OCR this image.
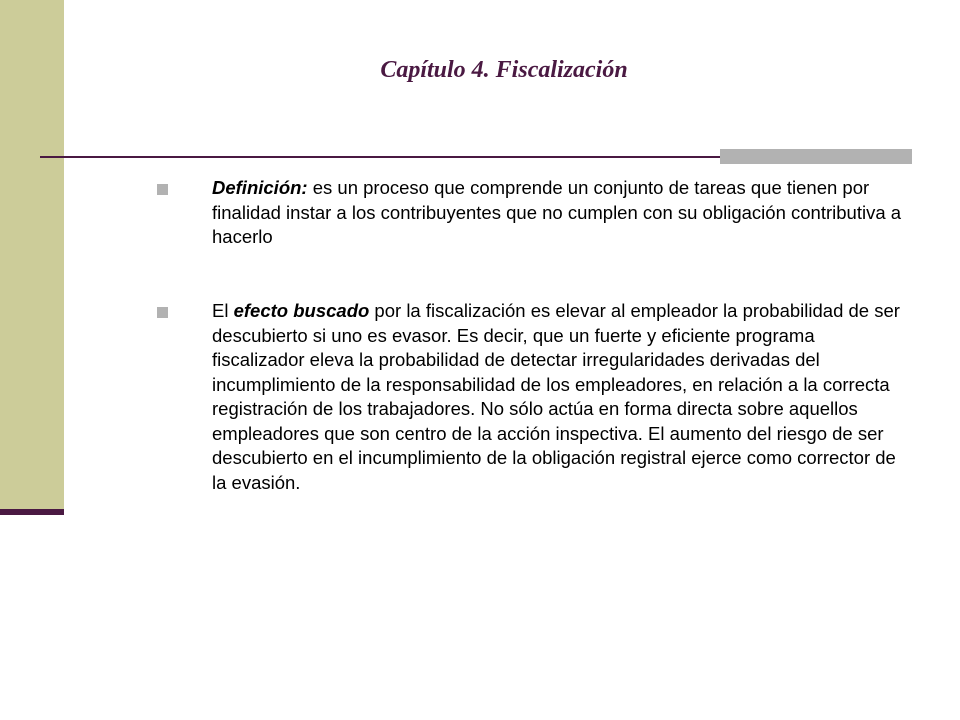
Capítulo 4. Fiscalización

Definición: es un proceso que comprende un conjunto de tareas que tienen por finalidad instar a los contribuyentes que no cumplen con su obligación contributiva a hacerlo

El efecto buscado por la fiscalización es elevar al empleador la probabilidad de ser descubierto si uno es evasor. Es decir, que un fuerte y eficiente programa fiscalizador eleva la probabilidad de detectar irregularidades derivadas del incumplimiento de la responsabilidad de los empleadores, en relación a la correcta registración de los trabajadores. No sólo actúa en forma directa sobre aquellos empleadores que son centro de la acción inspectiva. El aumento del riesgo de ser descubierto en el incumplimiento de la obligación registral ejerce como corrector de la evasión.
